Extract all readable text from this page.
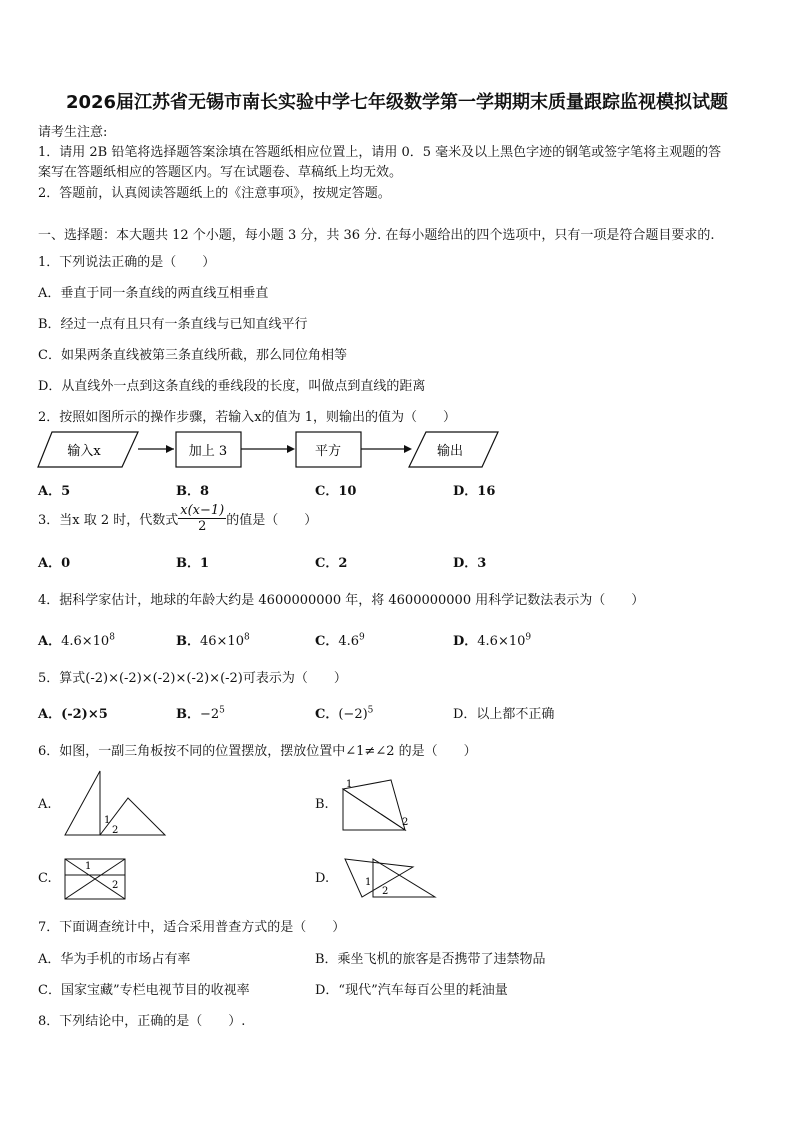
2026届江苏省无锡市南长实验中学七年级数学第一学期期末质量跟踪监视模拟试题
请考生注意:
1．请用 2B 铅笔将选择题答案涂填在答题纸相应位置上，请用 0．5 毫米及以上黑色字迹的钢笔或签字笔将主观题的答
案写在答题纸相应的答题区内。写在试题卷、草稿纸上均无效。
2．答题前，认真阅读答题纸上的《注意事项》，按规定答题。
一、选择题：本大题共 12 个小题，每小题 3 分，共 36 分. 在每小题给出的四个选项中，只有一项是符合题目要求的.
1．下列说法正确的是（　　）
A．垂直于同一条直线的两直线互相垂直
B．经过一点有且只有一条直线与已知直线平行
C．如果两条直线被第三条直线所截，那么同位角相等
D．从直线外一点到这条直线的垂线段的长度，叫做点到直线的距离
2．按照如图所示的操作步骤，若输入x的值为 1，则输出的值为（　　）
输入x	加上 3	平方	输出
A．5	B．8	C．10	D．16
3．当x 取 2 时，代数式 $\frac{x(x-1)}{2}$ 的值是（　　）
A．0	B．1	C．2	D．3
4．据科学家估计，地球的年龄大约是 4600000000 年，将 4600000000 用科学记数法表示为（　　）
A．$4.6\times 10^8$	B．$46\times 10^8$	C．$4.6^9$	D．$4.6\times 10^9$
5．算式(-2)×(-2)×(-2)×(-2)×(-2)可表示为（　　）
A．(-2)×5	B．$-2^5$	C．$(-2)^5$	D．以上都不正确
6．如图，一副三角板按不同的位置摆放，摆放位置中∠1≠∠2 的是（　　）
A.
1
2
B.
1
2
C.
1
2	D.	1
2
7．下面调查统计中，适合采用普查方式的是（　　）
A．华为手机的市场占有率	B．乘坐飞机的旅客是否携带了违禁物品
C．国家宝藏”专栏电视节目的收视率	D．“现代”汽车每百公里的耗油量
8．下列结论中，正确的是（　　）.
